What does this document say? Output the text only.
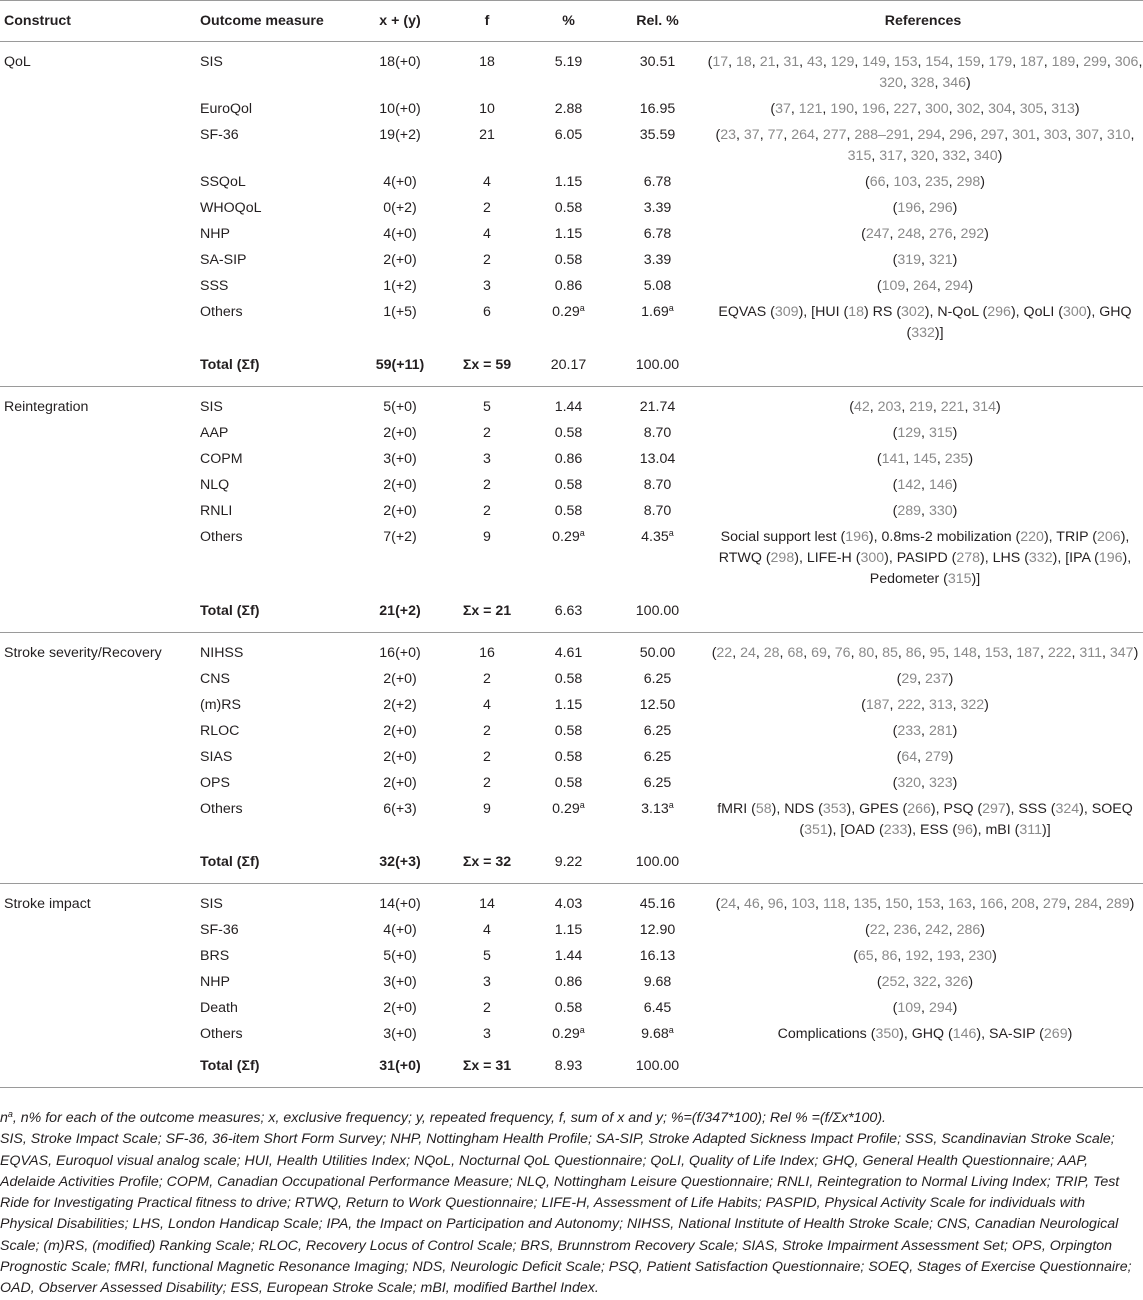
Construct	Outcome measure	x + (y)	f	%	Rel. %	References
QoL	SIS	18(+0)	18	5.19	30.51	(17, 18, 21, 31, 43, 129, 149, 153, 154, 159, 179, 187, 189, 299, 306, 320, 328, 346)
	EuroQol	10(+0)	10	2.88	16.95	(37, 121, 190, 196, 227, 300, 302, 304, 305, 313)
	SF-36	19(+2)	21	6.05	35.59	(23, 37, 77, 264, 277, 288–291, 294, 296, 297, 301, 303, 307, 310, 315, 317, 320, 332, 340)
	SSQoL	4(+0)	4	1.15	6.78	(66, 103, 235, 298)
	WHOQoL	0(+2)	2	0.58	3.39	(196, 296)
	NHP	4(+0)	4	1.15	6.78	(247, 248, 276, 292)
	SA-SIP	2(+0)	2	0.58	3.39	(319, 321)
	SSS	1(+2)	3	0.86	5.08	(109, 264, 294)
	Others	1(+5)	6	0.29$^a$	1.69$^a$	EQVAS (309), [HUI (18) RS (302), N-QoL (296), QoLI (300), GHQ (332)]
	Total (Σf)	59(+11)	Σx = 59	20.17	100.00	
Reintegration	SIS	5(+0)	5	1.44	21.74	(42, 203, 219, 221, 314)
	AAP	2(+0)	2	0.58	8.70	(129, 315)
	COPM	3(+0)	3	0.86	13.04	(141, 145, 235)
	NLQ	2(+0)	2	0.58	8.70	(142, 146)
	RNLI	2(+0)	2	0.58	8.70	(289, 330)
	Others	7(+2)	9	0.29$^a$	4.35$^a$	Social support lest (196), 0.8ms-2 mobilization (220), TRIP (206), RTWQ (298), LIFE-H (300), PASIPD (278), LHS (332), [IPA (196), Pedometer (315)]
	Total (Σf)	21(+2)	Σx = 21	6.63	100.00	
Stroke severity/Recovery	NIHSS	16(+0)	16	4.61	50.00	(22, 24, 28, 68, 69, 76, 80, 85, 86, 95, 148, 153, 187, 222, 311, 347)
	CNS	2(+0)	2	0.58	6.25	(29, 237)
	(m)RS	2(+2)	4	1.15	12.50	(187, 222, 313, 322)
	RLOC	2(+0)	2	0.58	6.25	(233, 281)
	SIAS	2(+0)	2	0.58	6.25	(64, 279)
	OPS	2(+0)	2	0.58	6.25	(320, 323)
	Others	6(+3)	9	0.29$^a$	3.13$^a$	fMRI (58), NDS (353), GPES (266), PSQ (297), SSS (324), SOEQ (351), [OAD (233), ESS (96), mBI (311)]
	Total (Σf)	32(+3)	Σx = 32	9.22	100.00	
Stroke impact	SIS	14(+0)	14	4.03	45.16	(24, 46, 96, 103, 118, 135, 150, 153, 163, 166, 208, 279, 284, 289)
	SF-36	4(+0)	4	1.15	12.90	(22, 236, 242, 286)
	BRS	5(+0)	5	1.44	16.13	(65, 86, 192, 193, 230)
	NHP	3(+0)	3	0.86	9.68	(252, 322, 326)
	Death	2(+0)	2	0.58	6.45	(109, 294)
	Others	3(+0)	3	0.29$^a$	9.68$^a$	Complications (350), GHQ (146), SA-SIP (269)
	Total (Σf)	31(+0)	Σx = 31	8.93	100.00	

$n^a$, n% for each of the outcome measures; x, exclusive frequency; y, repeated frequency, f, sum of x and y; %=(f/347*100); Rel % =(f/Σx*100).

SIS, Stroke Impact Scale; SF-36, 36-item Short Form Survey; NHP, Nottingham Health Profile; SA-SIP, Stroke Adapted Sickness Impact Profile; SSS, Scandinavian Stroke Scale; EQVAS, Euroquol visual analog scale; HUI, Health Utilities Index; NQoL, Nocturnal QoL Questionnaire; QoLI, Quality of Life Index; GHQ, General Health Questionnaire; AAP, Adelaide Activities Profile; COPM, Canadian Occupational Performance Measure; NLQ, Nottingham Leisure Questionnaire; RNLI, Reintegration to Normal Living Index; TRIP, Test Ride for Investigating Practical fitness to drive; RTWQ, Return to Work Questionnaire; LIFE-H, Assessment of Life Habits; PASPID, Physical Activity Scale for individuals with Physical Disabilities; LHS, London Handicap Scale; IPA, the Impact on Participation and Autonomy; NIHSS, National Institute of Health Stroke Scale; CNS, Canadian Neurological Scale; (m)RS, (modified) Ranking Scale; RLOC, Recovery Locus of Control Scale; BRS, Brunnstrom Recovery Scale; SIAS, Stroke Impairment Assessment Set; OPS, Orpington Prognostic Scale; fMRI, functional Magnetic Resonance Imaging; NDS, Neurologic Deficit Scale; PSQ, Patient Satisfaction Questionnaire; SOEQ, Stages of Exercise Questionnaire; OAD, Observer Assessed Disability; ESS, European Stroke Scale; mBI, modified Barthel Index.
